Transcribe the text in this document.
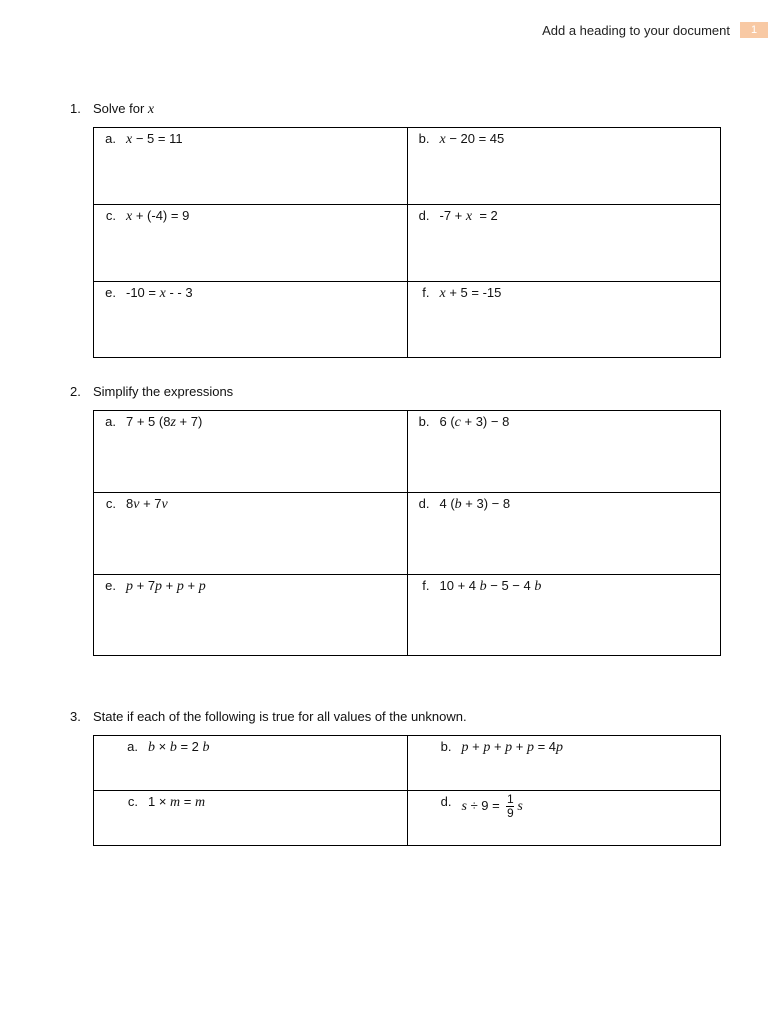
Add a heading to your document	1
1. Solve for x
a. x − 5 = 11	b. x − 20 = 45

c. x + (-4) = 9	d. -7 + x  = 2

e. -10 = x - - 3	f. x + 5 = -15
2. Simplify the expressions
a. 7 + 5 (8z + 7)	b. 6 (c + 3) − 8

c. 8v + 7v	d. 4 (b + 3) − 8

e. p + 7p + p + p	f. 10 + 4 b − 5 − 4 b
3. State if each of the following is true for all values of the unknown.
a. b × b = 2 b	b. p + p + p + p = 4p

c. 1 × m = m	d. $s \div 9 = \frac{1}{9}$ s
